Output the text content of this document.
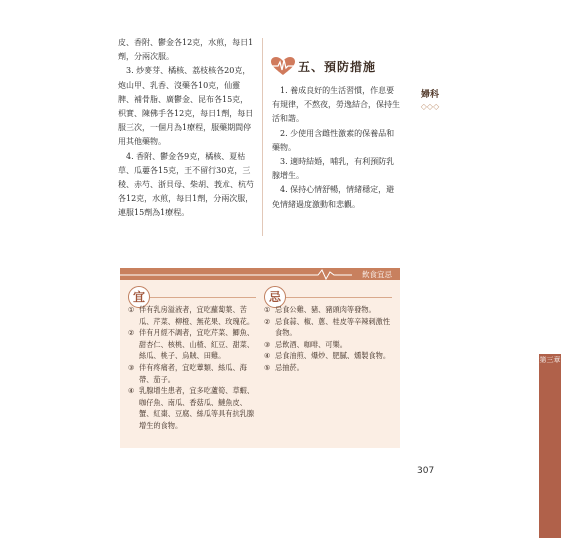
皮、香附、鬱金各12克，水煎，每日1劑，分兩次服。

3. 炒麥芽、橘核、荔枝核各20克，炮山甲、乳香、沒藥各10克，仙靈脾、補骨脂、廣鬱金、昆布各15克，枳實、陳佛手各12克，每日1劑，每日服三次，一個月為1療程，服藥期間停用其他藥物。

4. 香附、鬱金各9克，橘核、夏枯草、瓜蔞各15克，王不留行30克，三稜、赤芍、浙貝母、柴胡、莪朮、杭芍各12克，水煎，每日1劑，分兩次服，連服15劑為1療程。

五、預防措施

1. 養成良好的生活習慣，作息要有規律，不熬夜，勞逸結合，保持生活和諧。

2. 少使用含雌性激素的保養品和藥物。

3. 適時結婚，哺乳，有利預防乳腺增生。

4. 保持心情舒暢，情緒穩定，避免情緒過度激動和悲觀。

第三章
婦科
◇◇◇
飲食宜忌
宜	忌
① 伴有乳房溢液者，宜吃蘿蔔葉、苦瓜、芹菜、柳橙、無花果、玫瑰花。
② 伴有月經不調者，宜吃芹菜、鯽魚、甜杏仁、核桃、山楂、紅豆、甜菜、絲瓜、桃子、烏賊、田雞。
③ 伴有疼痛者，宜吃蕈類、絲瓜、海帶、茄子。
④ 乳腺增生患者，宜多吃蘆筍、草蝦、咖仔魚、南瓜、香菇瓜、鰱魚皮、蟹、紅棗、豆腐、絲瓜等具有抗乳腺增生的食物。
① 忌食公雞、豬、豬頭肉等發物。
② 忌食蒜、椒、蔥、桂皮等辛辣刺激性食物。
③ 忌飲酒、咖啡、可樂。
④ 忌食油煎、爆炒、肥膩、燻製食物。
⑤ 忌抽菸。
307
